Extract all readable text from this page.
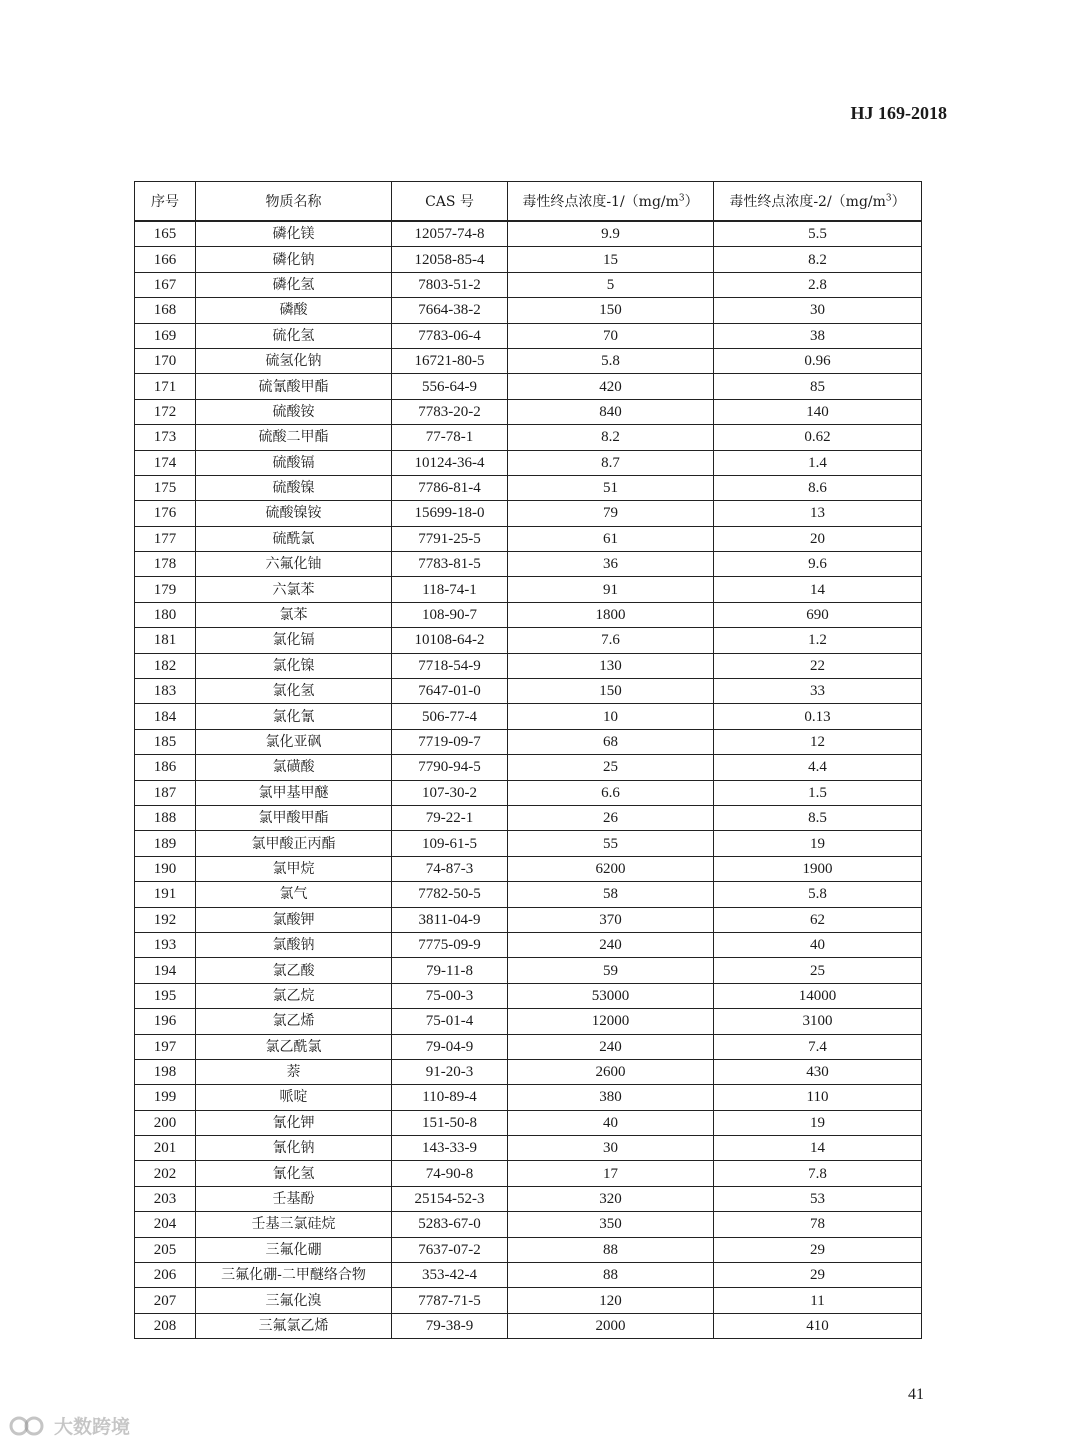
HJ 169-2018
序号	物质名称	CAS 号	毒性终点浓度$-1/(mg/m^3)$	毒性终点浓度$-2/(mg/m^3)$
165	磷化镁	12057-74-8	9.9	5.5
166	磷化钠	12058-85-4	15	8.2
167	磷化氢	7803-51-2	5	2.8
168	磷酸	7664-38-2	150	30
169	硫化氢	7783-06-4	70	38
170	硫氢化钠	16721-80-5	5.8	0.96
171	硫氰酸甲酯	556-64-9	420	85
172	硫酸铵	7783-20-2	840	140
173	硫酸二甲酯	77-78-1	8.2	0.62
174	硫酸镉	10124-36-4	8.7	1.4
175	硫酸镍	7786-81-4	51	8.6
176	硫酸镍铵	15699-18-0	79	13
177	硫酰氯	7791-25-5	61	20
178	六氟化铀	7783-81-5	36	9.6
179	六氯苯	118-74-1	91	14
180	氯苯	108-90-7	1800	690
181	氯化镉	10108-64-2	7.6	1.2
182	氯化镍	7718-54-9	130	22
183	氯化氢	7647-01-0	150	33
184	氯化氰	506-77-4	10	0.13
185	氯化亚砜	7719-09-7	68	12
186	氯磺酸	7790-94-5	25	4.4
187	氯甲基甲醚	107-30-2	6.6	1.5
188	氯甲酸甲酯	79-22-1	26	8.5
189	氯甲酸正丙酯	109-61-5	55	19
190	氯甲烷	74-87-3	6200	1900
191	氯气	7782-50-5	58	5.8
192	氯酸钾	3811-04-9	370	62
193	氯酸钠	7775-09-9	240	40
194	氯乙酸	79-11-8	59	25
195	氯乙烷	75-00-3	53000	14000
196	氯乙烯	75-01-4	12000	3100
197	氯乙酰氯	79-04-9	240	7.4
198	萘	91-20-3	2600	430
199	哌啶	110-89-4	380	110
200	氰化钾	151-50-8	40	19
201	氰化钠	143-33-9	30	14
202	氰化氢	74-90-8	17	7.8
203	壬基酚	25154-52-3	320	53
204	壬基三氯硅烷	5283-67-0	350	78
205	三氟化硼	7637-07-2	88	29
206	三氟化硼-二甲醚络合物	353-42-4	88	29
207	三氟化溴	7787-71-5	120	11
208	三氟氯乙烯	79-38-9	2000	410
41
大数跨境
